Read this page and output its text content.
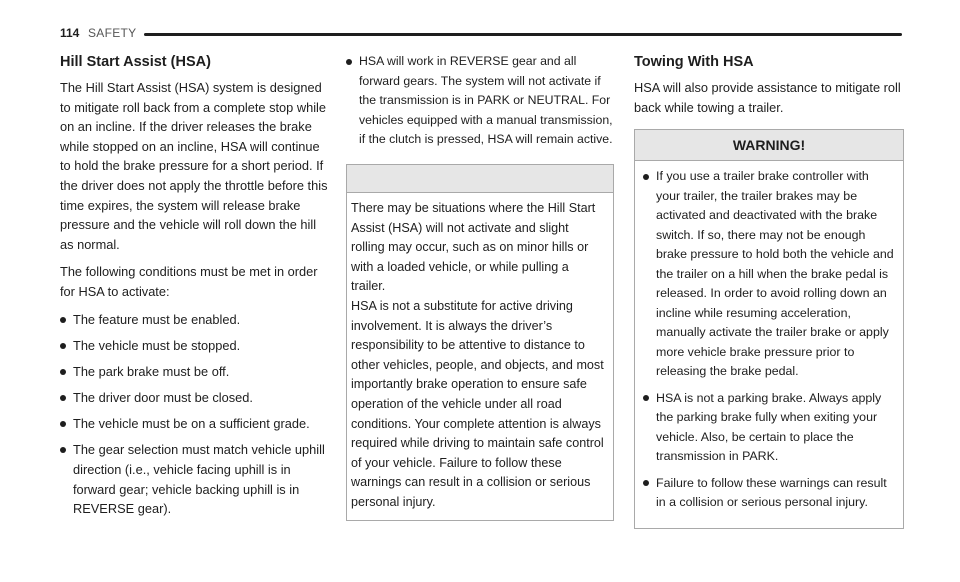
114 SAFETY
Hill Start Assist (HSA)

The Hill Start Assist (HSA) system is designed to mitigate roll back from a complete stop while on an incline. If the driver releases the brake while stopped on an incline, HSA will continue to hold the brake pressure for a short period. If the driver does not apply the throttle before this time expires, the system will release brake pressure and the vehicle will roll down the hill as normal.

The following conditions must be met in order for HSA to activate:

The feature must be enabled.
The vehicle must be stopped.
The park brake must be off.
The driver door must be closed.
The vehicle must be on a sufficient grade.
The gear selection must match vehicle uphill direction (i.e., vehicle facing uphill is in forward gear; vehicle backing uphill is in REVERSE gear).
HSA will work in REVERSE gear and all forward gears. The system will not activate if the transmission is in PARK or NEUTRAL. For vehicles equipped with a manual transmission, if the clutch is pressed, HSA will remain active.

There may be situations where the Hill Start Assist (HSA) will not activate and slight rolling may occur, such as on minor hills or with a loaded vehicle, or while pulling a trailer.

HSA is not a substitute for active driving involvement. It is always the driver’s responsibility to be attentive to distance to other vehicles, people, and objects, and most importantly brake operation to ensure safe operation of the vehicle under all road conditions. Your complete attention is always required while driving to maintain safe control of your vehicle. Failure to follow these warnings can result in a collision or serious personal injury.

Towing With HSA

HSA will also provide assistance to mitigate roll back while towing a trailer.

WARNING!
If you use a trailer brake controller with your trailer, the trailer brakes may be activated and deactivated with the brake switch. If so, there may not be enough brake pressure to hold both the vehicle and the trailer on a hill when the brake pedal is released. In order to avoid rolling down an incline while resuming acceleration, manually activate the trailer brake or apply more vehicle brake pressure prior to releasing the brake pedal.
HSA is not a parking brake. Always apply the parking brake fully when exiting your vehicle. Also, be certain to place the transmission in PARK.
Failure to follow these warnings can result in a collision or serious personal injury.
